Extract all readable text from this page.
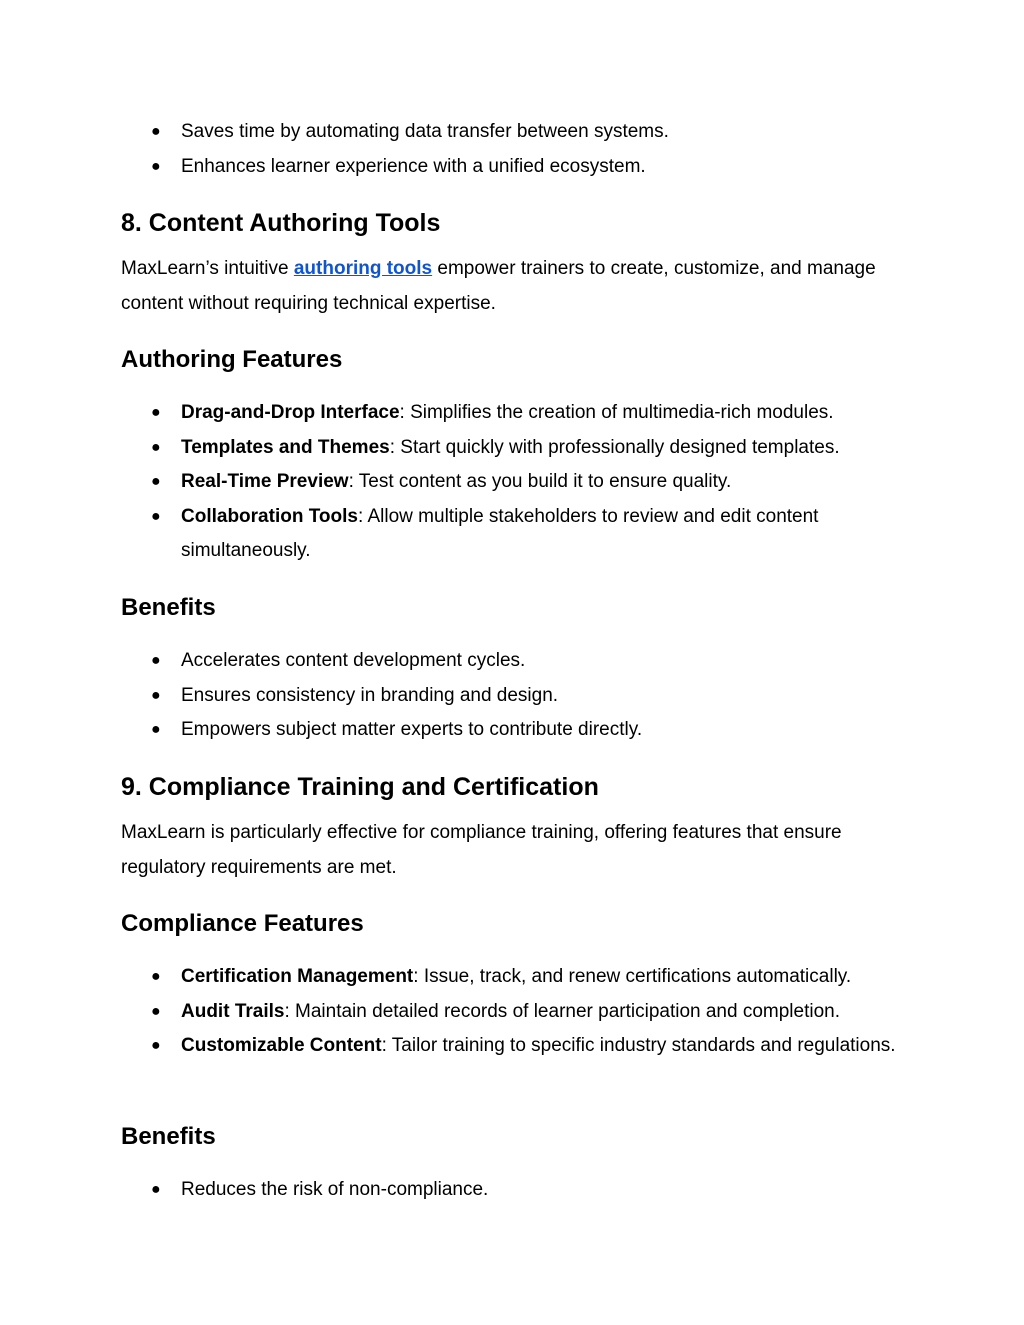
● Saves time by automating data transfer between systems.
● Enhances learner experience with a unified ecosystem.
8. Content Authoring Tools

MaxLearn’s intuitive authoring tools empower trainers to create, customize, and manage content without requiring technical expertise.

Authoring Features
● Drag-and-Drop Interface: Simplifies the creation of multimedia-rich modules.
● Templates and Themes: Start quickly with professionally designed templates.
● Real-Time Preview: Test content as you build it to ensure quality.
● Collaboration Tools: Allow multiple stakeholders to review and edit content simultaneously.
Benefits
● Accelerates content development cycles.
● Ensures consistency in branding and design.
● Empowers subject matter experts to contribute directly.
9. Compliance Training and Certification

MaxLearn is particularly effective for compliance training, offering features that ensure regulatory requirements are met.

Compliance Features
● Certification Management: Issue, track, and renew certifications automatically.
● Audit Trails: Maintain detailed records of learner participation and completion.
● Customizable Content: Tailor training to specific industry standards and regulations.
Benefits
● Reduces the risk of non-compliance.
